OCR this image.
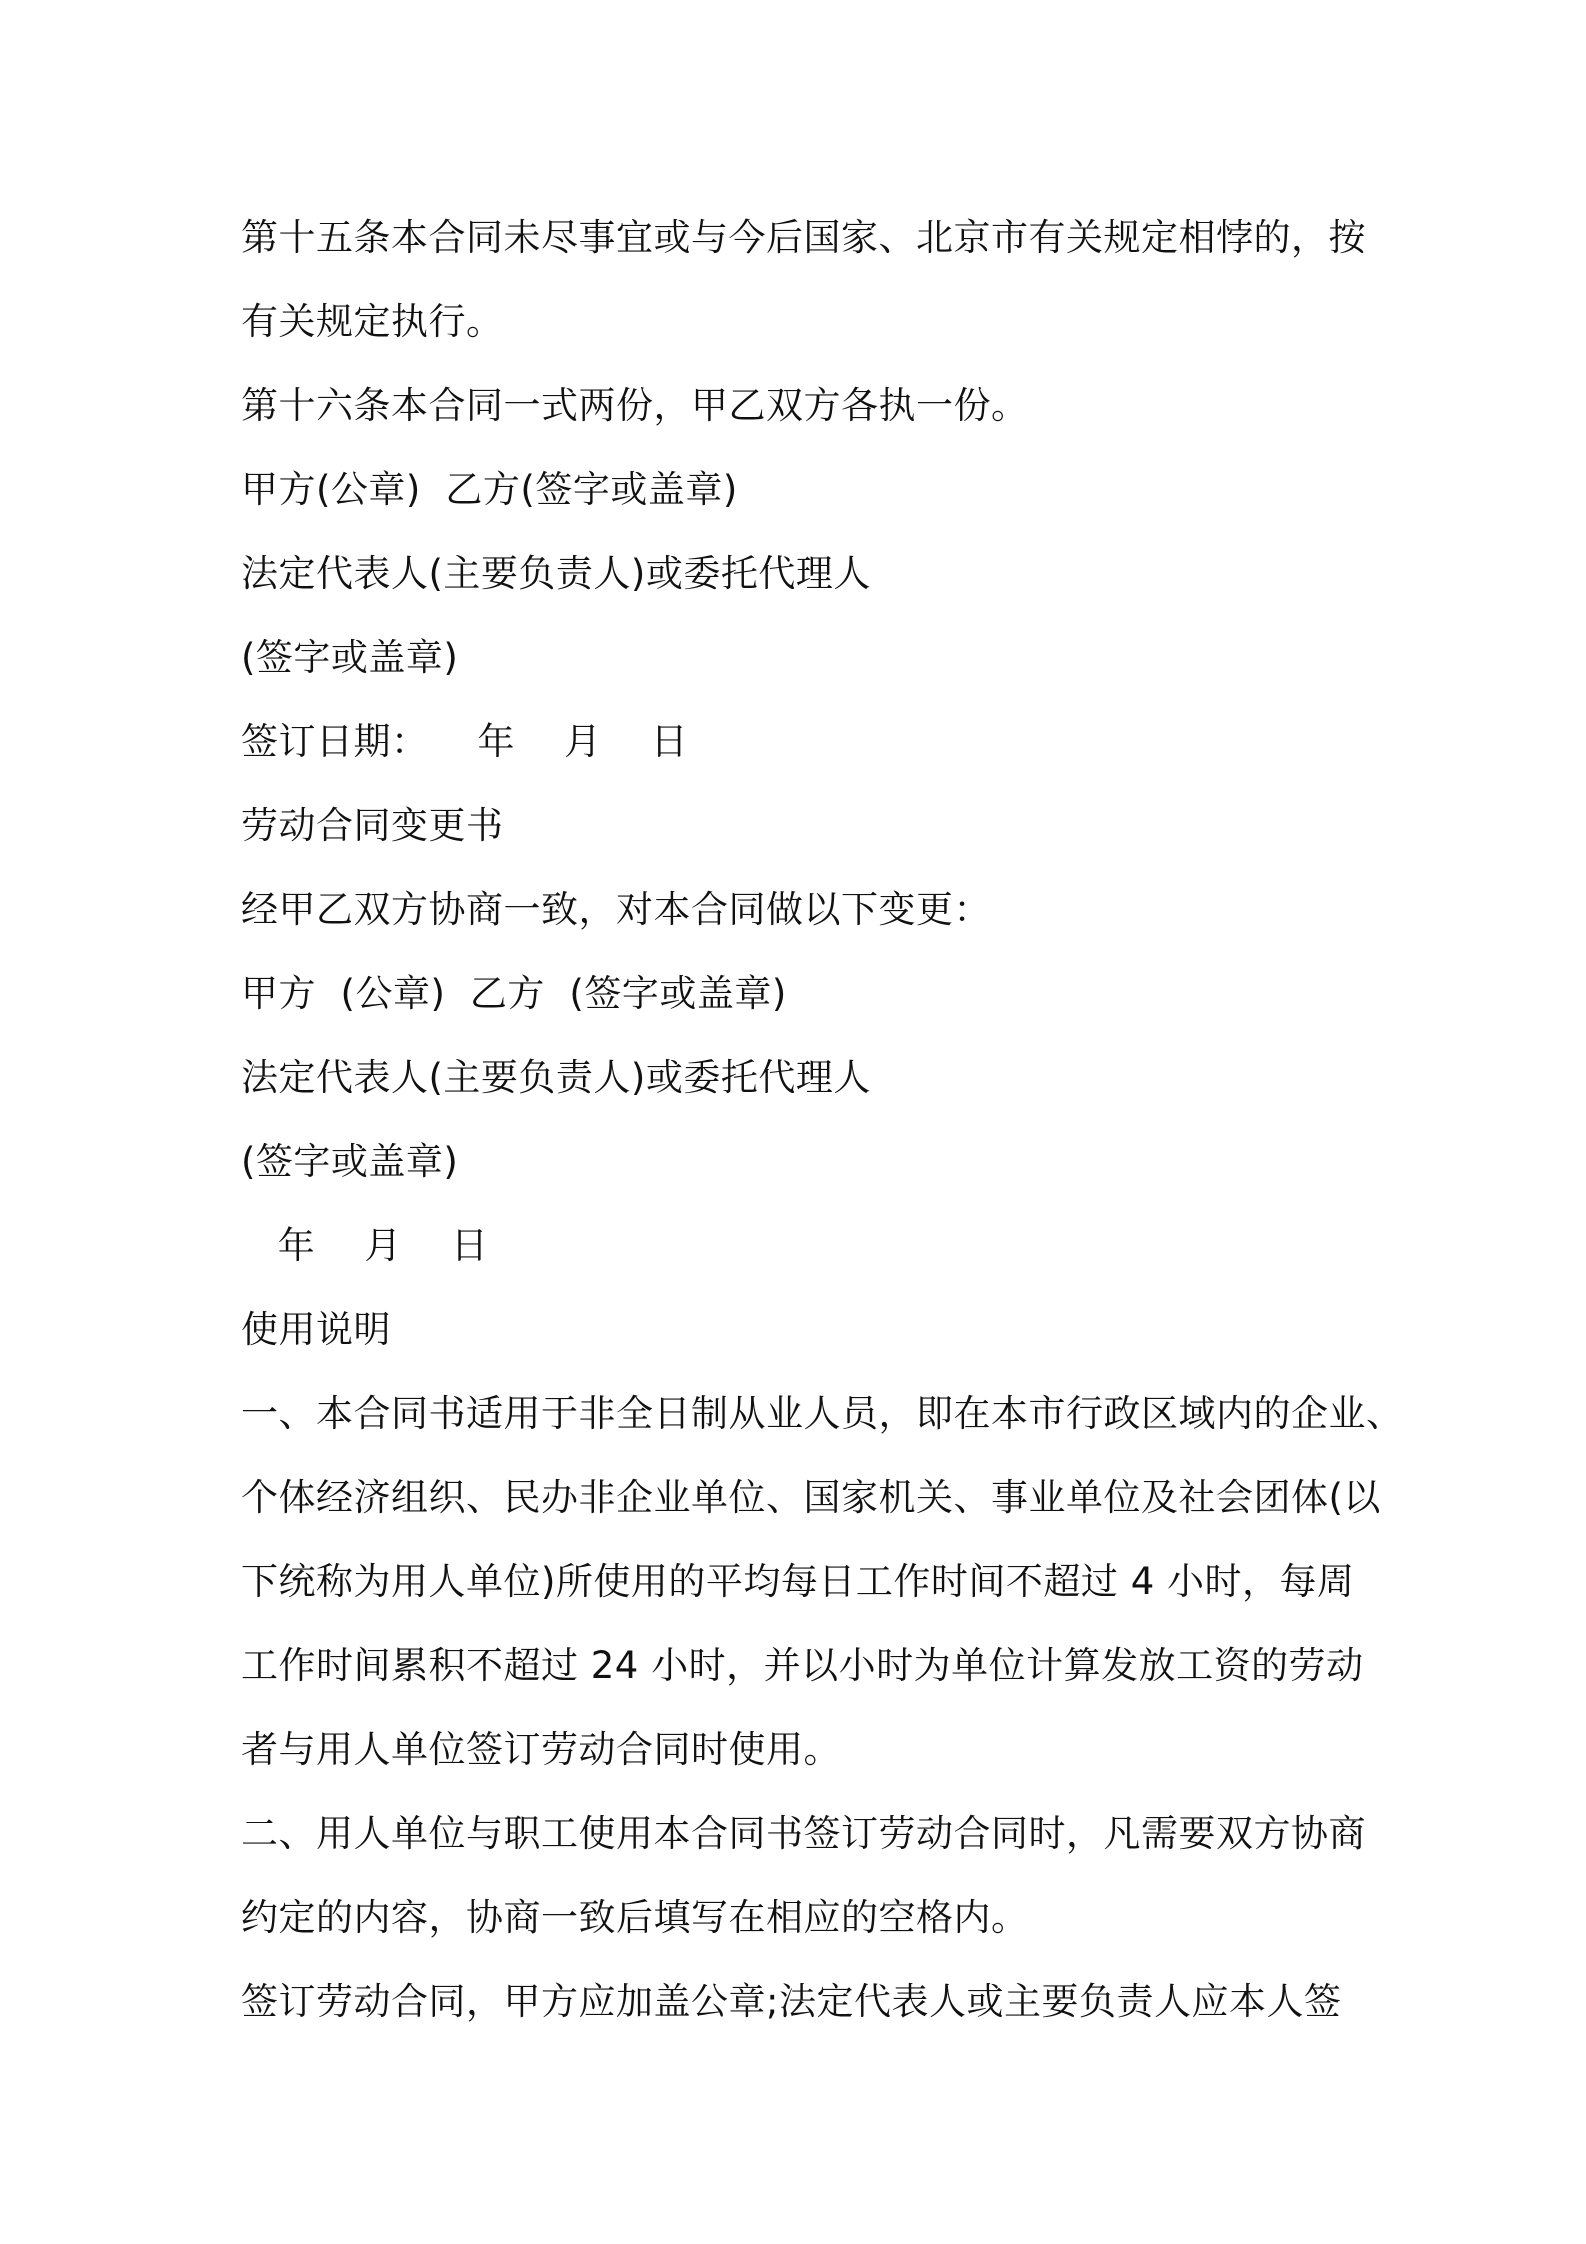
第十五条本合同未尽事宜或与今后国家、北京市有关规定相悖的，按
有关规定执行。
第十六条本合同一式两份，甲乙双方各执一份。
甲方(公章)  乙方(签字或盖章)
法定代表人(主要负责人)或委托代理人
(签字或盖章)
签订日期：    年    月    日
劳动合同变更书
经甲乙双方协商一致，对本合同做以下变更：
甲方  (公章)  乙方  (签字或盖章)
法定代表人(主要负责人)或委托代理人
(签字或盖章)
年    月    日
使用说明
一、本合同书适用于非全日制从业人员，即在本市行政区域内的企业、
个体经济组织、民办非企业单位、国家机关、事业单位及社会团体(以
下统称为用人单位)所使用的平均每日工作时间不超过 4 小时，每周
工作时间累积不超过 24 小时，并以小时为单位计算发放工资的劳动
者与用人单位签订劳动合同时使用。
二、用人单位与职工使用本合同书签订劳动合同时，凡需要双方协商
约定的内容，协商一致后填写在相应的空格内。
签订劳动合同，甲方应加盖公章;法定代表人或主要负责人应本人签
